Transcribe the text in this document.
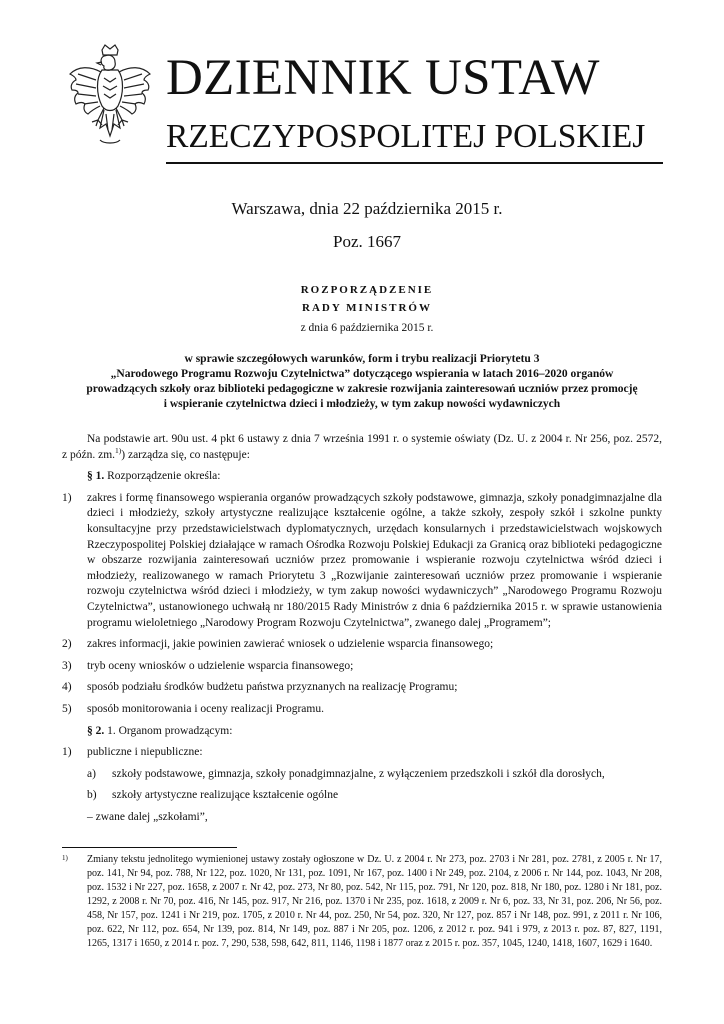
DZIENNIK USTAW
RZECZYPOSPOLITEJ POLSKIEJ
Warszawa, dnia 22 października 2015 r.
Poz. 1667
ROZPORZĄDZENIE
RADY MINISTRÓW
z dnia 6 października 2015 r.
w sprawie szczegółowych warunków, form i trybu realizacji Priorytetu 3
„Narodowego Programu Rozwoju Czytelnictwa” dotyczącego wspierania w latach 2016–2020 organów
prowadzących szkoły oraz biblioteki pedagogiczne w zakresie rozwijania zainteresowań uczniów przez promocję
i wspieranie czytelnictwa dzieci i młodzieży, w tym zakup nowości wydawniczych

Na podstawie art. 90u ust. 4 pkt 6 ustawy z dnia 7 września 1991 r. o systemie oświaty (Dz. U. z 2004 r. Nr 256, poz. 2572, z późn. zm.$^{1)}$) zarządza się, co następuje:

§ 1. Rozporządzenie określa:

1) zakres i formę finansowego wspierania organów prowadzących szkoły podstawowe, gimnazja, szkoły ponadgimnazjalne dla dzieci i młodzieży, szkoły artystyczne realizujące kształcenie ogólne, a także szkoły, zespoły szkół i szkolne punkty konsultacyjne przy przedstawicielstwach dyplomatycznych, urzędach konsularnych i przedstawicielstwach wojskowych Rzeczypospolitej Polskiej działające w ramach Ośrodka Rozwoju Polskiej Edukacji za Granicą oraz biblioteki pedagogiczne w obszarze rozwijania zainteresowań uczniów przez promowanie i wspieranie rozwoju czytelnictwa wśród dzieci i młodzieży, realizowanego w ramach Priorytetu 3 „Rozwijanie zainteresowań uczniów przez promowanie i wspieranie rozwoju czytelnictwa wśród dzieci i młodzieży, w tym zakup nowości wydawniczych” „Narodowego Programu Rozwoju Czytelnictwa”, ustanowionego uchwałą nr 180/2015 Rady Ministrów z dnia 6 października 2015 r. w sprawie ustanowienia programu wieloletniego „Narodowy Program Rozwoju Czytelnictwa”, zwanego dalej „Programem”;
2) zakres informacji, jakie powinien zawierać wniosek o udzielenie wsparcia finansowego;
3) tryb oceny wniosków o udzielenie wsparcia finansowego;
4) sposób podziału środków budżetu państwa przyznanych na realizację Programu;
5) sposób monitorowania i oceny realizacji Programu.

§ 2. 1. Organom prowadzącym:

1) publiczne i niepubliczne:
a) szkoły podstawowe, gimnazja, szkoły ponadgimnazjalne, z wyłączeniem przedszkoli i szkół dla dorosłych,
b) szkoły artystyczne realizujące kształcenie ogólne
– zwane dalej „szkołami”,
1)	Zmiany tekstu jednolitego wymienionej ustawy zostały ogłoszone w Dz. U. z 2004 r. Nr 273, poz. 2703 i Nr 281, poz. 2781, z 2005 r. Nr 17, poz. 141, Nr 94, poz. 788, Nr 122, poz. 1020, Nr 131, poz. 1091, Nr 167, poz. 1400 i Nr 249, poz. 2104, z 2006 r. Nr 144, poz. 1043, Nr 208, poz. 1532 i Nr 227, poz. 1658, z 2007 r. Nr 42, poz. 273, Nr 80, poz. 542, Nr 115, poz. 791, Nr 120, poz. 818, Nr 180, poz. 1280 i Nr 181, poz. 1292, z 2008 r. Nr 70, poz. 416, Nr 145, poz. 917, Nr 216, poz. 1370 i Nr 235, poz. 1618, z 2009 r. Nr 6, poz. 33, Nr 31, poz. 206, Nr 56, poz. 458, Nr 157, poz. 1241 i Nr 219, poz. 1705, z 2010 r. Nr 44, poz. 250, Nr 54, poz. 320, Nr 127, poz. 857 i Nr 148, poz. 991, z 2011 r. Nr 106, poz. 622, Nr 112, poz. 654, Nr 139, poz. 814, Nr 149, poz. 887 i Nr 205, poz. 1206, z 2012 r. poz. 941 i 979, z 2013 r. poz. 87, 827, 1191, 1265, 1317 i 1650, z 2014 r. poz. 7, 290, 538, 598, 642, 811, 1146, 1198 i 1877 oraz z 2015 r. poz. 357, 1045, 1240, 1418, 1607, 1629 i 1640.
